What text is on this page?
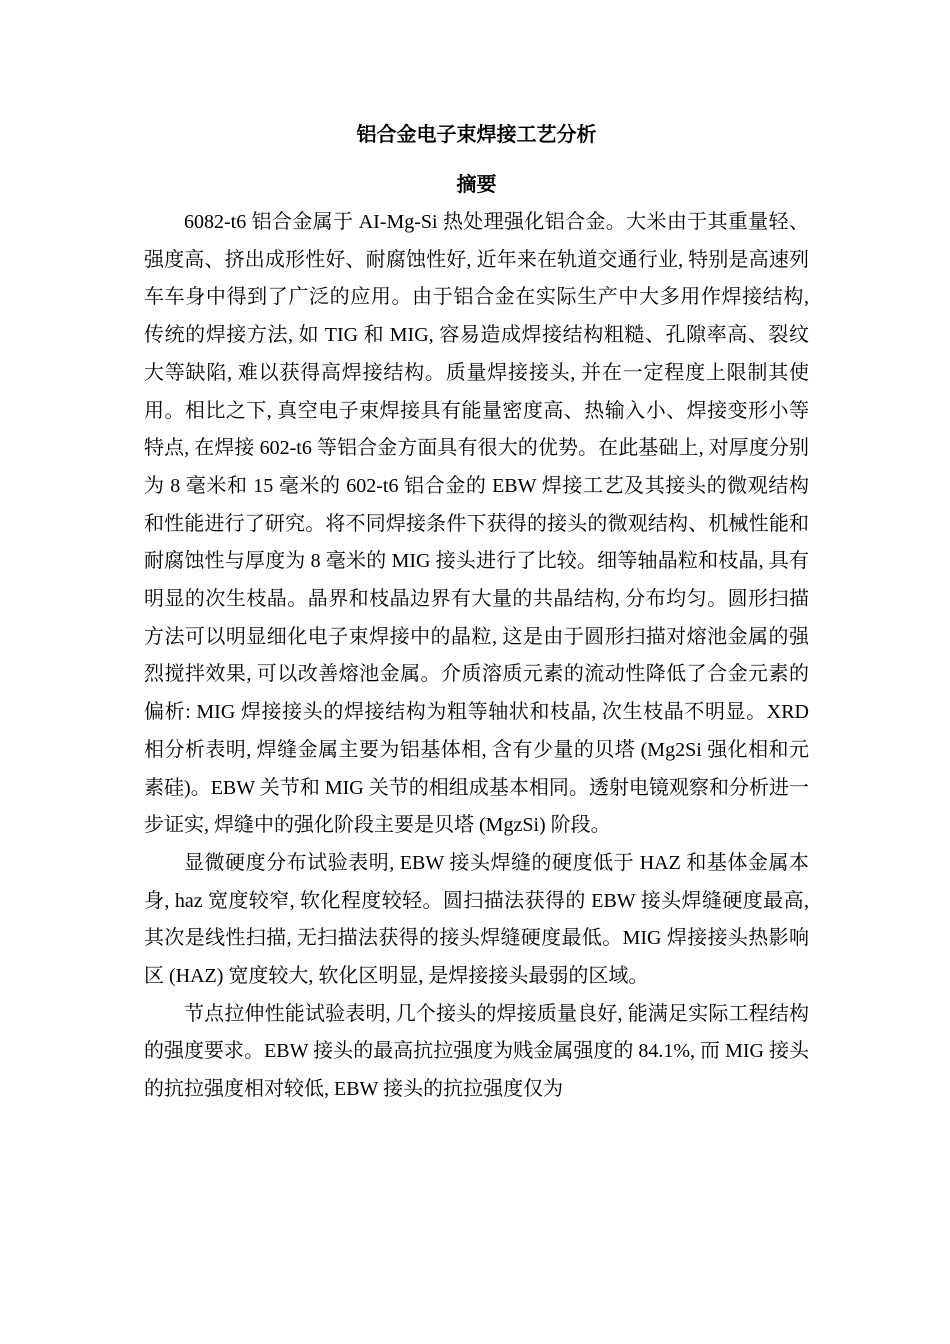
铝合金电子束焊接工艺分析
摘要

6082-t6 铝合金属于 AI-Mg-Si 热处理强化铝合金。大米由于其重量轻、强度高、挤出成形性好、耐腐蚀性好, 近年来在轨道交通行业, 特别是高速列车车身中得到了广泛的应用。由于铝合金在实际生产中大多用作焊接结构, 传统的焊接方法, 如 TIG 和 MIG, 容易造成焊接结构粗糙、孔隙率高、裂纹大等缺陷, 难以获得高焊接结构。质量焊接接头, 并在一定程度上限制其使用。相比之下, 真空电子束焊接具有能量密度高、热输入小、焊接变形小等特点, 在焊接 602-t6 等铝合金方面具有很大的优势。在此基础上, 对厚度分别为 8 毫米和 15 毫米的 602-t6 铝合金的 EBW 焊接工艺及其接头的微观结构和性能进行了研究。将不同焊接条件下获得的接头的微观结构、机械性能和耐腐蚀性与厚度为 8 毫米的 MIG 接头进行了比较。细等轴晶粒和枝晶, 具有明显的次生枝晶。晶界和枝晶边界有大量的共晶结构, 分布均匀。圆形扫描方法可以明显细化电子束焊接中的晶粒, 这是由于圆形扫描对熔池金属的强烈搅拌效果, 可以改善熔池金属。介质溶质元素的流动性降低了合金元素的偏析: MIG 焊接接头的焊接结构为粗等轴状和枝晶, 次生枝晶不明显。XRD 相分析表明, 焊缝金属主要为铝基体相, 含有少量的贝塔 (Mg2Si 强化相和元素硅)。EBW 关节和 MIG 关节的相组成基本相同。透射电镜观察和分析进一步证实, 焊缝中的强化阶段主要是贝塔 (MgzSi) 阶段。

显微硬度分布试验表明, EBW 接头焊缝的硬度低于 HAZ 和基体金属本身, haz 宽度较窄, 软化程度较轻。圆扫描法获得的 EBW 接头焊缝硬度最高, 其次是线性扫描, 无扫描法获得的接头焊缝硬度最低。MIG 焊接接头热影响区 (HAZ) 宽度较大, 软化区明显, 是焊接接头最弱的区域。

节点拉伸性能试验表明, 几个接头的焊接质量良好, 能满足实际工程结构的强度要求。EBW 接头的最高抗拉强度为贱金属强度的 84.1%, 而 MIG 接头的抗拉强度相对较低, EBW 接头的抗拉强度仅为
